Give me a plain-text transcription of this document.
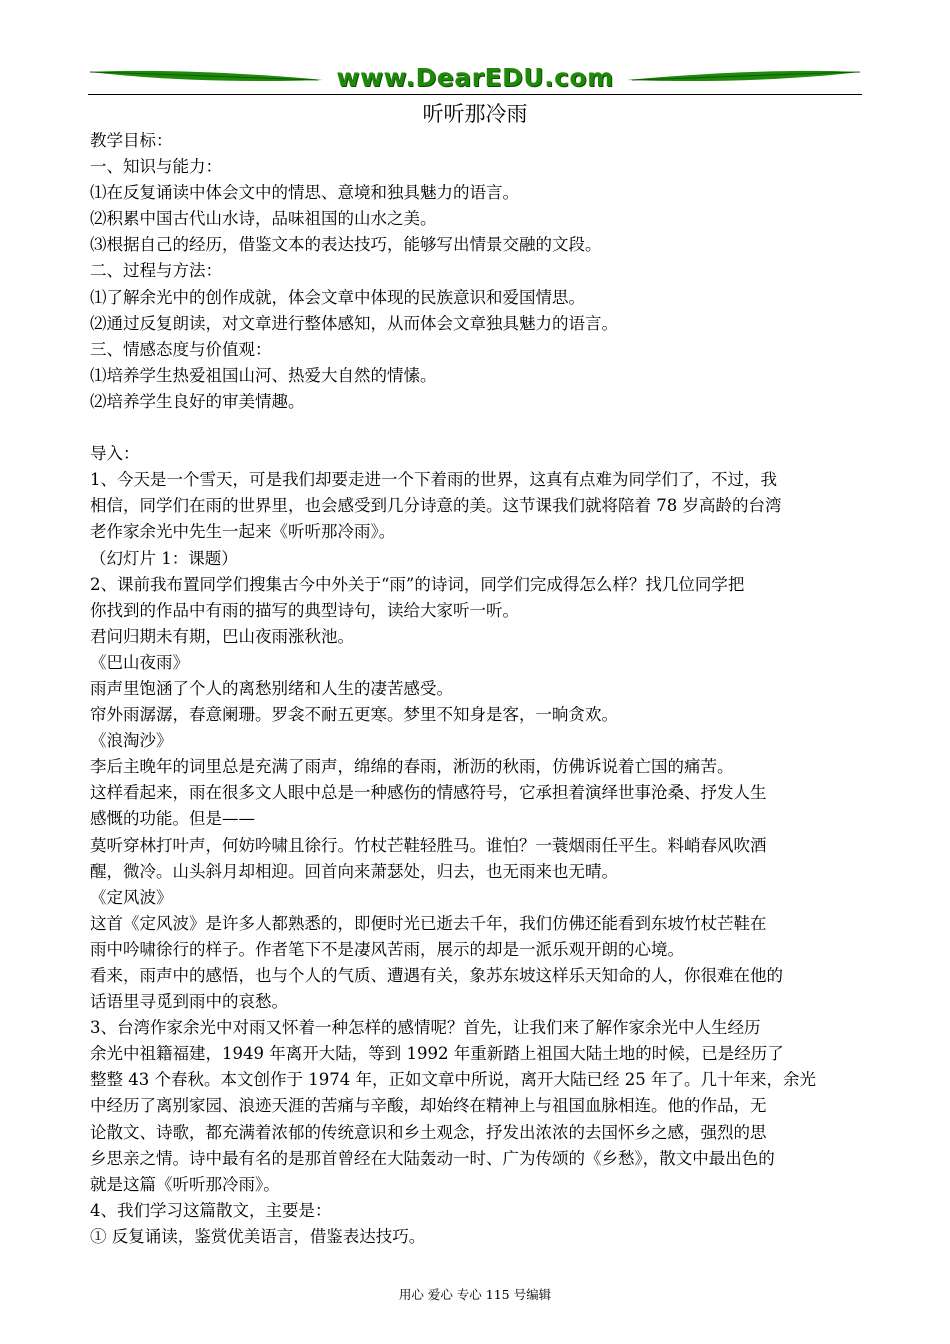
www.DearEDU.com
听听那冷雨
教学目标：
一、知识与能力：
⑴在反复诵读中体会文中的情思、意境和独具魅力的语言。
⑵积累中国古代山水诗，品味祖国的山水之美。
⑶根据自己的经历，借鉴文本的表达技巧，能够写出情景交融的文段。
二、过程与方法：
⑴了解余光中的创作成就，体会文章中体现的民族意识和爱国情思。
⑵通过反复朗读，对文章进行整体感知，从而体会文章独具魅力的语言。
三、情感态度与价值观：
⑴培养学生热爱祖国山河、热爱大自然的情愫。
⑵培养学生良好的审美情趣。
导入：
1、今天是一个雪天，可是我们却要走进一个下着雨的世界，这真有点难为同学们了，不过，我
相信，同学们在雨的世界里，也会感受到几分诗意的美。这节课我们就将陪着 78 岁高龄的台湾
老作家余光中先生一起来《听听那冷雨》。
（幻灯片 1：课题）
2、课前我布置同学们搜集古今中外关于“雨”的诗词，同学们完成得怎么样？找几位同学把
你找到的作品中有雨的描写的典型诗句，读给大家听一听。
君问归期未有期，巴山夜雨涨秋池。
《巴山夜雨》
雨声里饱涵了个人的离愁别绪和人生的凄苦感受。
帘外雨潺潺，春意阑珊。罗衾不耐五更寒。梦里不知身是客，一晌贪欢。
《浪淘沙》
李后主晚年的词里总是充满了雨声，绵绵的春雨，淅沥的秋雨，仿佛诉说着亡国的痛苦。
这样看起来，雨在很多文人眼中总是一种感伤的情感符号，它承担着演绎世事沧桑、抒发人生
感慨的功能。但是——
莫听穿林打叶声，何妨吟啸且徐行。竹杖芒鞋轻胜马。谁怕？一蓑烟雨任平生。料峭春风吹酒
醒，微冷。山头斜月却相迎。回首向来萧瑟处，归去，也无雨来也无晴。
《定风波》
这首《定风波》是许多人都熟悉的，即便时光已逝去千年，我们仿佛还能看到东坡竹杖芒鞋在
雨中吟啸徐行的样子。作者笔下不是凄风苦雨，展示的却是一派乐观开朗的心境。
看来，雨声中的感悟，也与个人的气质、遭遇有关，象苏东坡这样乐天知命的人，你很难在他的
话语里寻觅到雨中的哀愁。
3、台湾作家余光中对雨又怀着一种怎样的感情呢？首先，让我们来了解作家余光中人生经历
余光中祖籍福建，1949 年离开大陆，等到 1992 年重新踏上祖国大陆土地的时候，已是经历了
整整 43 个春秋。本文创作于 1974 年，正如文章中所说，离开大陆已经 25 年了。几十年来，余光
中经历了离别家园、浪迹天涯的苦痛与辛酸，却始终在精神上与祖国血脉相连。他的作品，无
论散文、诗歌，都充满着浓郁的传统意识和乡土观念，抒发出浓浓的去国怀乡之感，强烈的思
乡思亲之情。诗中最有名的是那首曾经在大陆轰动一时、广为传颂的《乡愁》，散文中最出色的
就是这篇《听听那冷雨》。
4、我们学习这篇散文，主要是：
① 反复诵读，鉴赏优美语言，借鉴表达技巧。
用心 爱心 专心 115 号编辑
